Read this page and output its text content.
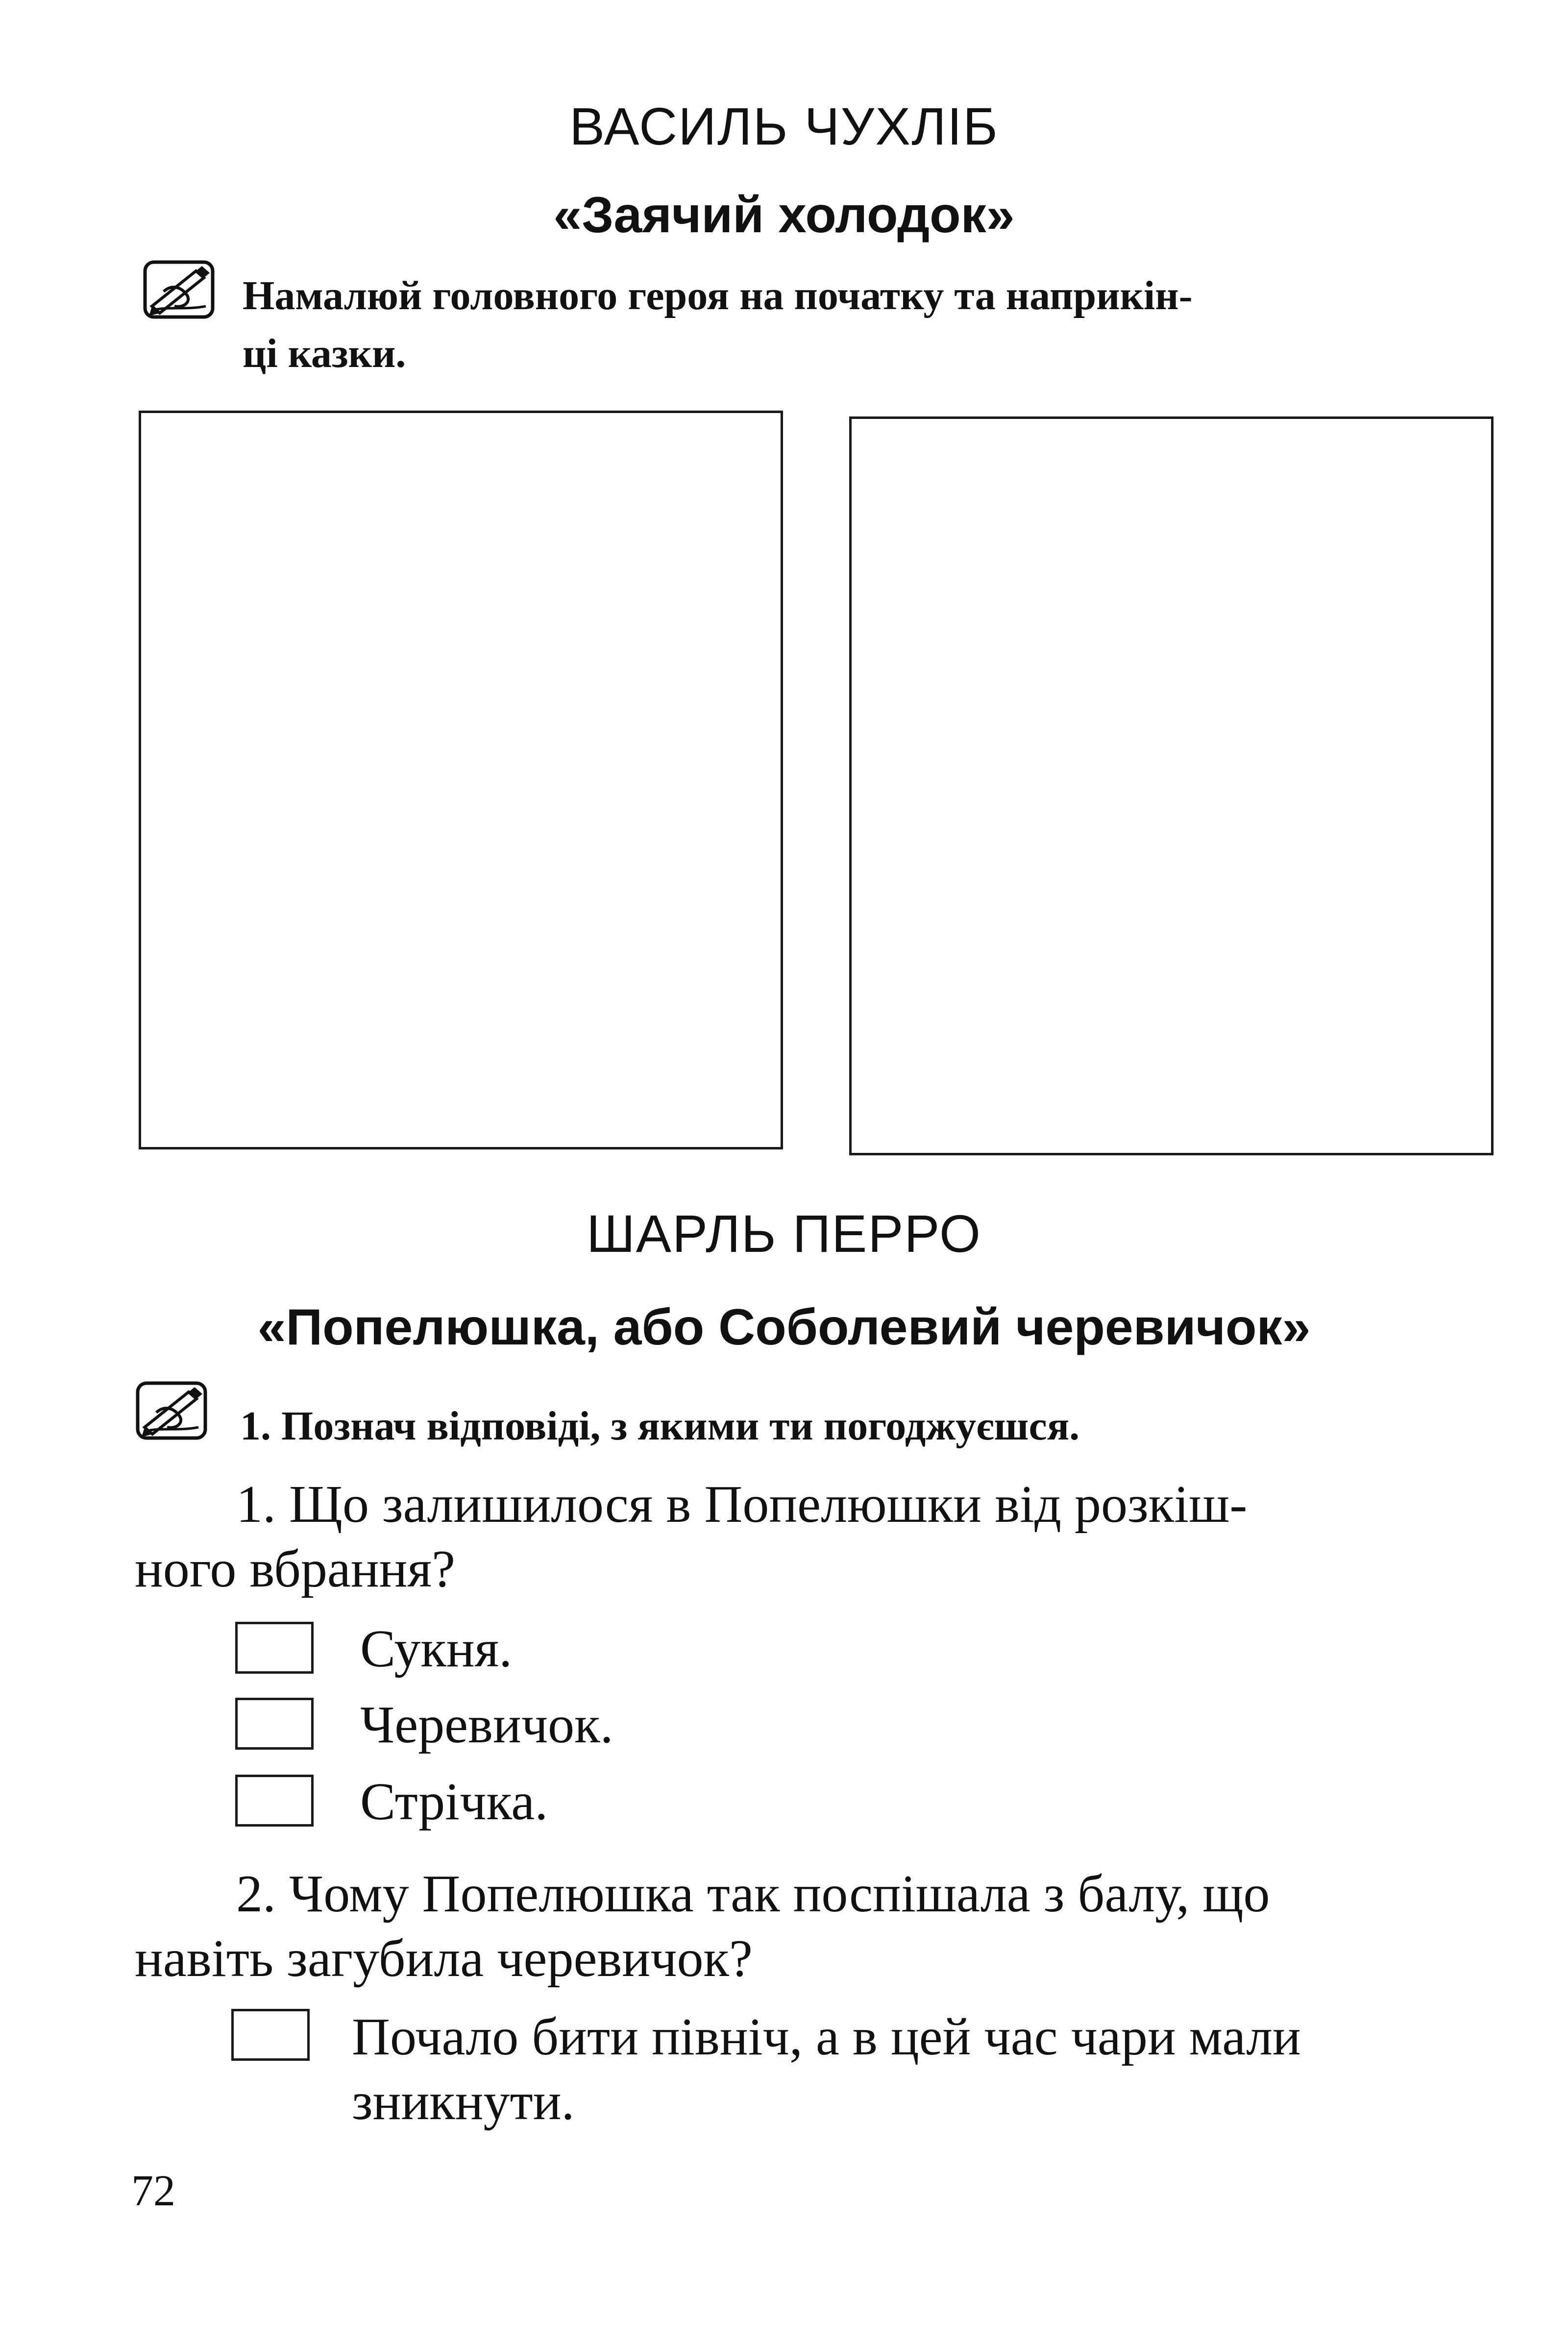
ВАСИЛЬ ЧУХЛІБ
«Заячий холодок»
Намалюй головного героя на початку та наприкін-
ці казки.
ШАРЛЬ ПЕРРО
«Попелюшка, або Соболевий черевичок»
1. Познач відповіді, з якими ти погоджуєшся.
1. Що залишилося в Попелюшки від розкіш-
ного вбрання?
Сукня.
Черевичок.
Стрічка.
2. Чому Попелюшка так поспішала з балу, що
навіть загубила черевичок?
Почало бити північ, а в цей час чари мали
зникнути.
72
